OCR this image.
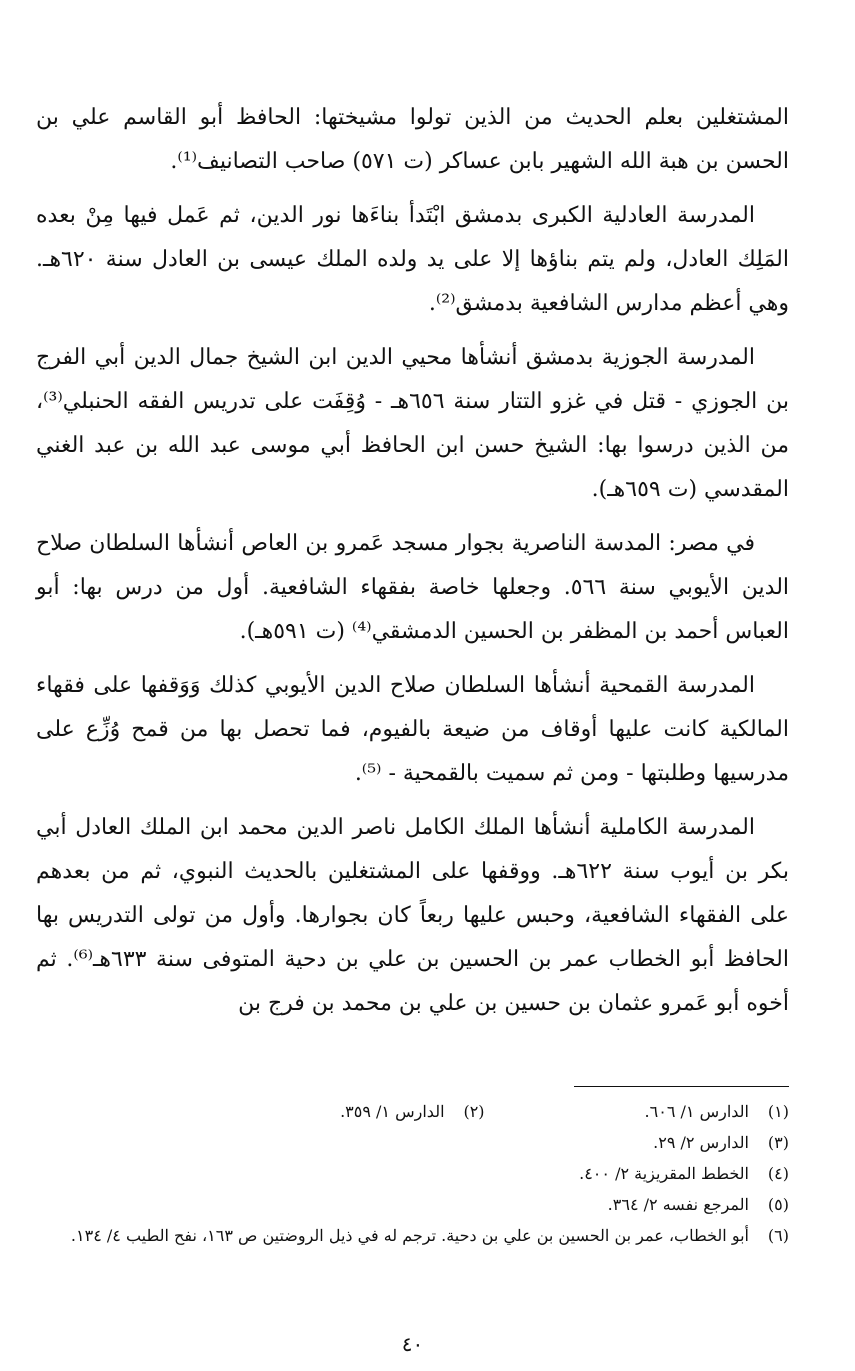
المشتغلين بعلم الحديث من الذين تولوا مشيختها: الحافظ أبو القاسم علي بن الحسن بن هبة الله الشهير بابن عساكر (ت ٥٧١) صاحب التصانيف⁽¹⁾.

المدرسة العادلية الكبرى بدمشق ابْتَدأ بناءَها نور الدين، ثم عَمل فيها مِنْ بعده المَلِك العادل، ولم يتم بناؤها إلا على يد ولده الملك عيسى بن العادل سنة ٦٢٠هـ. وهي أعظم مدارس الشافعية بدمشق⁽²⁾.

المدرسة الجوزية بدمشق أنشأها محيي الدين ابن الشيخ جمال الدين أبي الفرج بن الجوزي - قتل في غزو التتار سنة ٦٥٦هـ - وُقِفَت على تدريس الفقه الحنبلي⁽³⁾، من الذين درسوا بها: الشيخ حسن ابن الحافظ أبي موسى عبد الله بن عبد الغني المقدسي (ت ٦٥٩هـ).

في مصر: المدسة الناصرية بجوار مسجد عَمرو بن العاص أنشأها السلطان صلاح الدين الأيوبي سنة ٥٦٦. وجعلها خاصة بفقهاء الشافعية. أول من درس بها: أبو العباس أحمد بن المظفر بن الحسين الدمشقي⁽⁴⁾ (ت ٥٩١هـ).

المدرسة القمحية أنشأها السلطان صلاح الدين الأيوبي كذلك وَوَقفها على فقهاء المالكية كانت عليها أوقاف من ضيعة بالفيوم، فما تحصل بها من قمح وُزِّع على مدرسيها وطلبتها - ومن ثم سميت بالقمحية - ⁽⁵⁾.

المدرسة الكاملية أنشأها الملك الكامل ناصر الدين محمد ابن الملك العادل أبي بكر بن أيوب سنة ٦٢٢هـ. ووقفها على المشتغلين بالحديث النبوي، ثم من بعدهم على الفقهاء الشافعية، وحبس عليها ربعاً كان بجوارها. وأول من تولى التدريس بها الحافظ أبو الخطاب عمر بن الحسين بن علي بن دحية المتوفى سنة ٦٣٣هـ⁽⁶⁾. ثم أخوه أبو عَمرو عثمان بن حسين بن علي بن محمد بن فرج بن

(١)
الدارس ١/ ٦٠٦.
(٢)
الدارس ١/ ٣٥٩.
(٣)
الدارس ٢/ ٢٩.
(٤)
الخطط المقريزية ٢/ ٤٠٠.
(٥)
المرجع نفسه ٢/ ٣٦٤.
(٦)
أبو الخطاب، عمر بن الحسين بن علي بن دحية. ترجم له في ذيل الروضتين ص ١٦٣، نفح الطيب ٤/ ١٣٤.
٤٠
